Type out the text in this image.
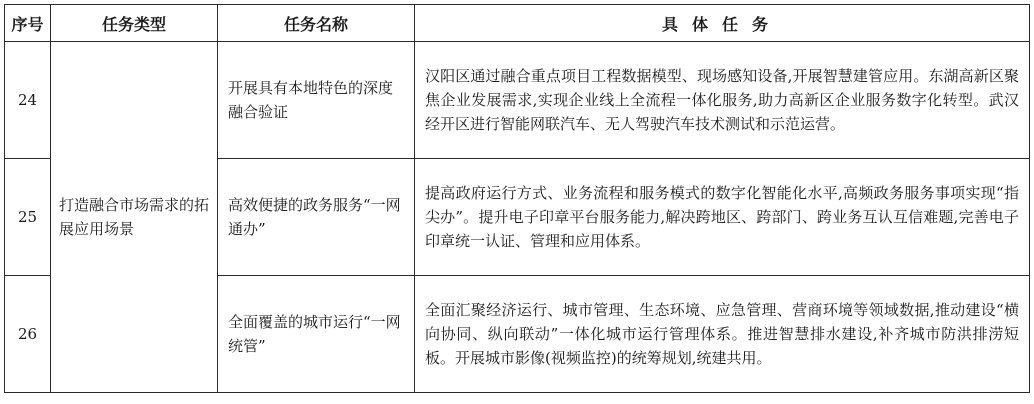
序号	任务类型	任务名称	具体任务
24	打造融合市场需求的拓展应用场景	开展具有本地特色的深度融合验证	汉阳区通过融合重点项目工程数据模型、现场感知设备,开展智慧建管应用。东湖高新区聚焦企业发展需求,实现企业线上全流程一体化服务,助力高新区企业服务数字化转型。武汉经开区进行智能网联汽车、无人驾驶汽车技术测试和示范运营。
25		高效便捷的政务服务“一网通办”	提高政府运行方式、业务流程和服务模式的数字化智能化水平,高频政务服务事项实现“指尖办”。提升电子印章平台服务能力,解决跨地区、跨部门、跨业务互认互信难题,完善电子印章统一认证、管理和应用体系。
26		全面覆盖的城市运行“一网统管”	全面汇聚经济运行、城市管理、生态环境、应急管理、营商环境等领域数据,推动建设“横向协同、纵向联动”一体化城市运行管理体系。推进智慧排水建设,补齐城市防洪排涝短板。开展城市影像(视频监控)的统筹规划,统建共用。
